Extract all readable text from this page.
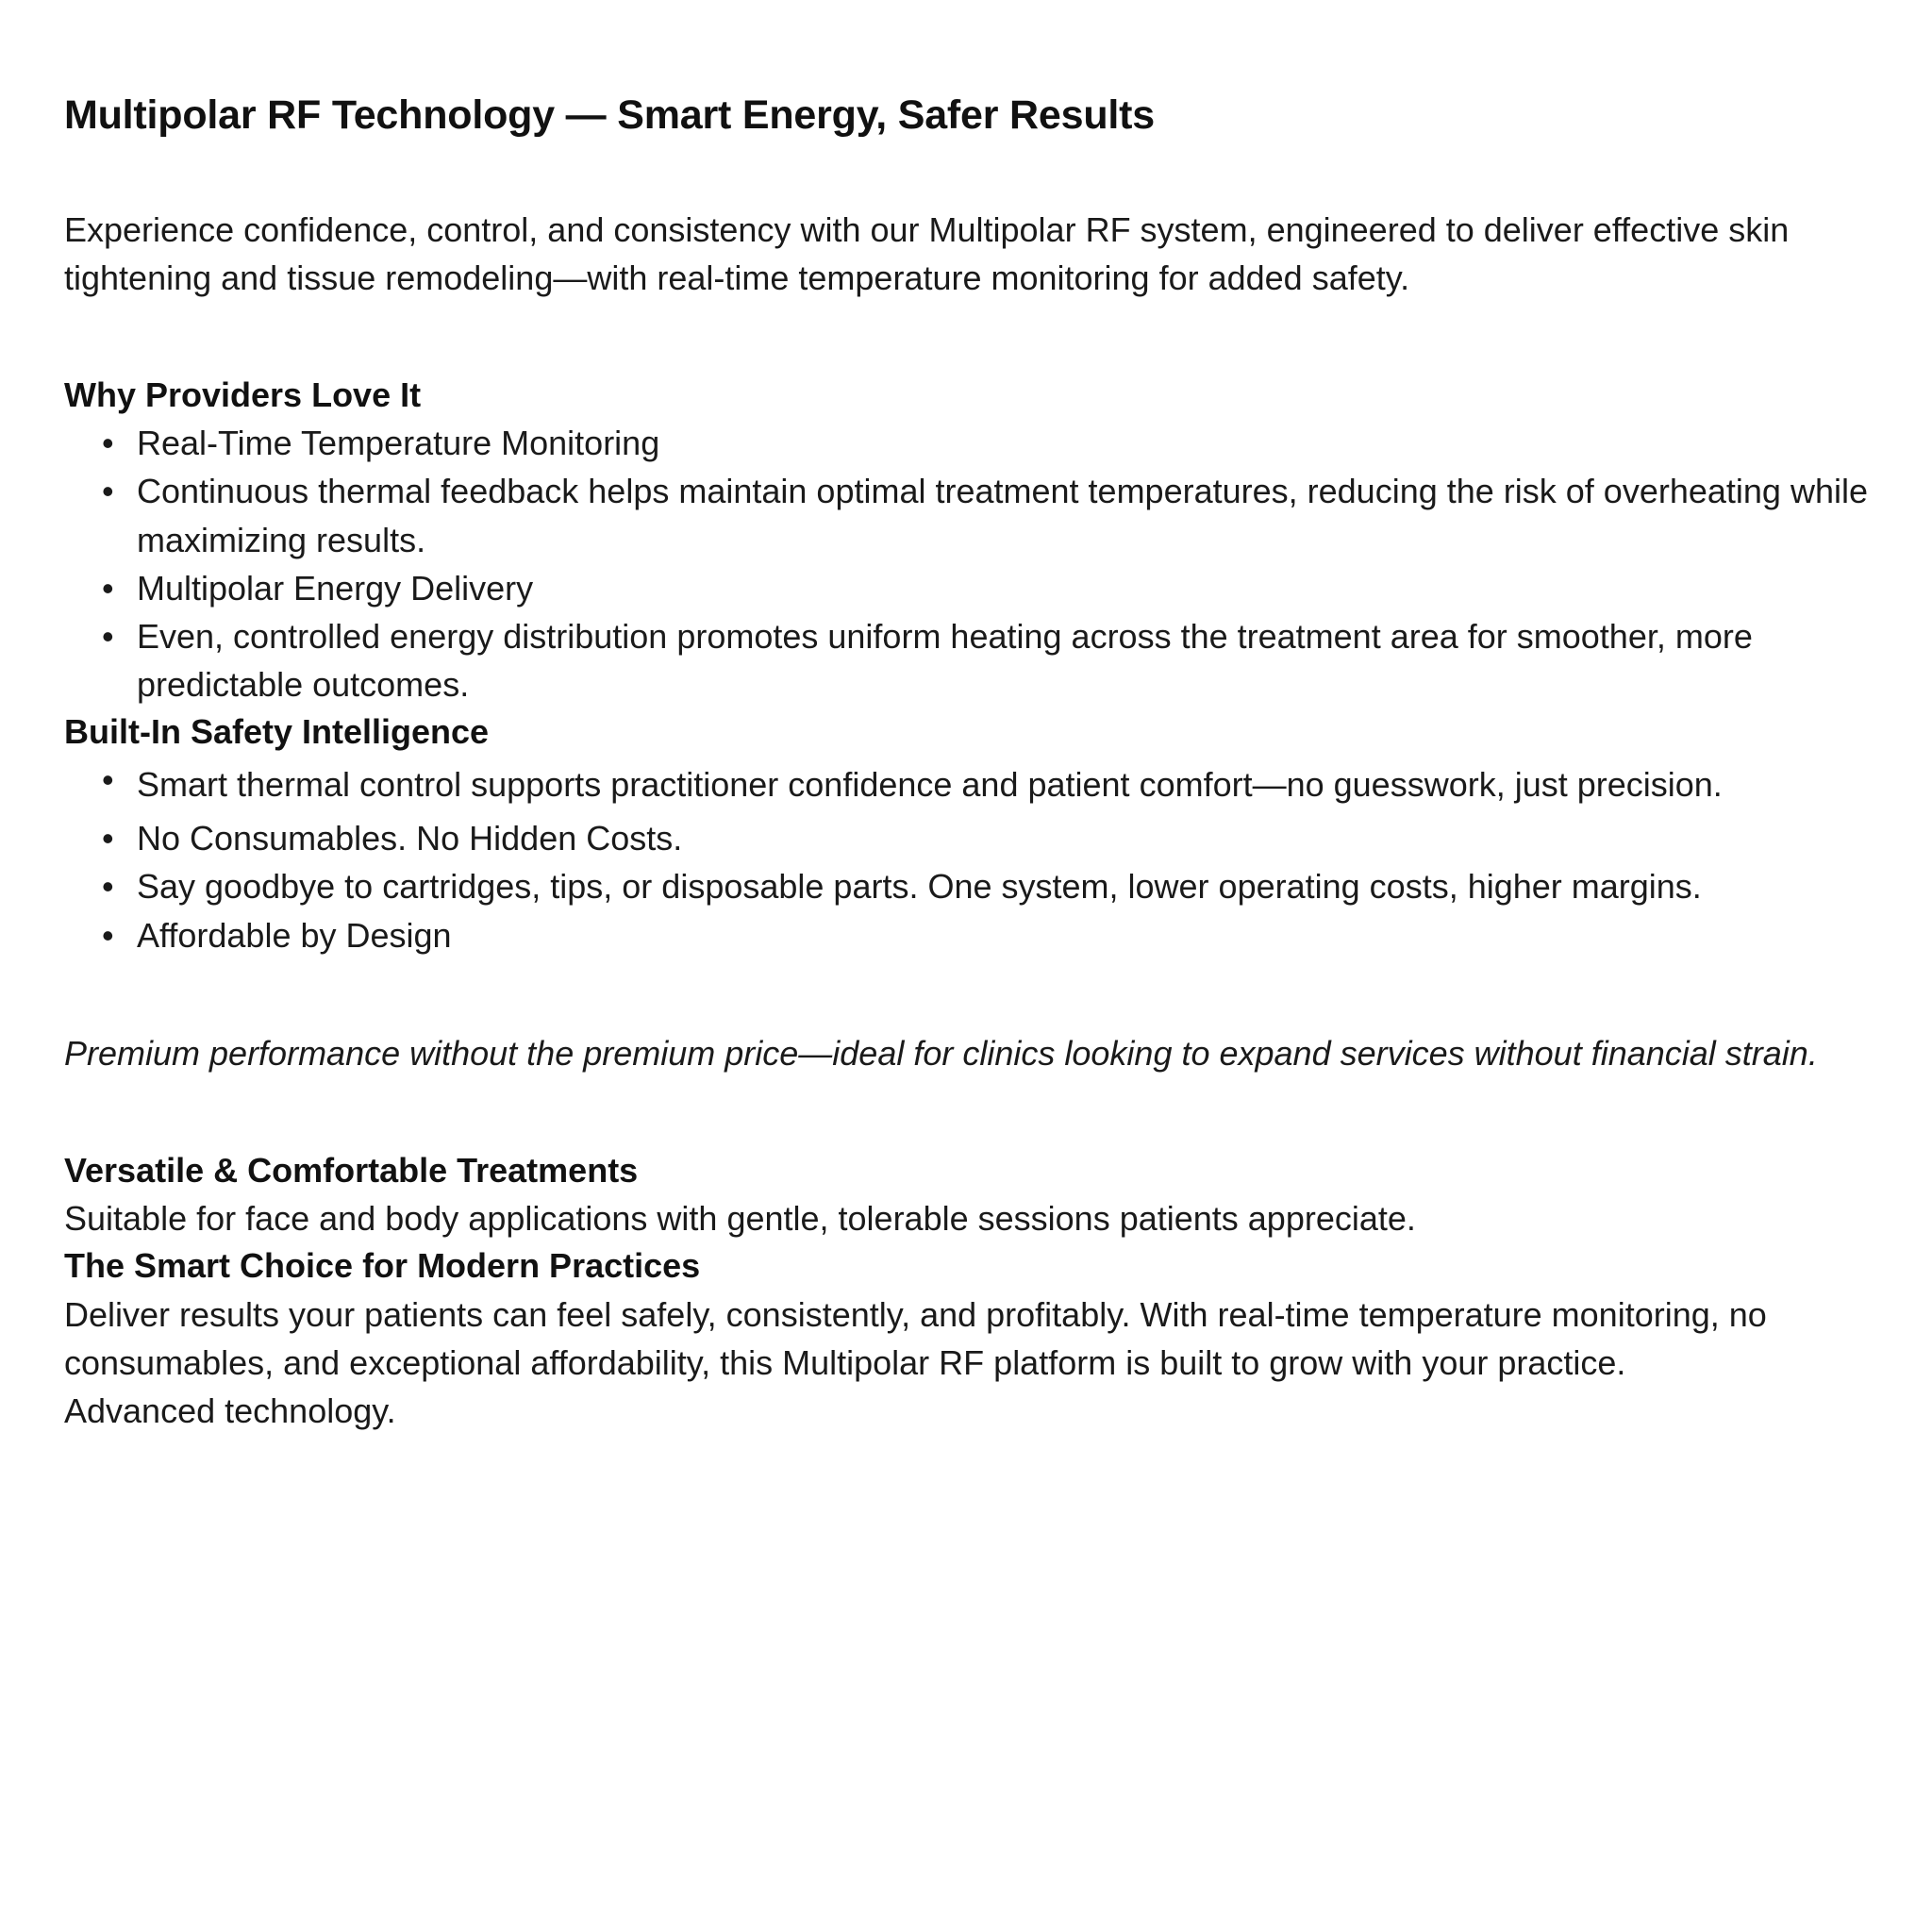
Multipolar RF Technology — Smart Energy, Safer Results

Experience confidence, control, and consistency with our Multipolar RF system, engineered to deliver effective skin tightening and tissue remodeling—with real-time temperature monitoring for added safety.

Why Providers Love It
• Real-Time Temperature Monitoring
• Continuous thermal feedback helps maintain optimal treatment temperatures, reducing the risk of overheating while maximizing results.
• Multipolar Energy Delivery
• Even, controlled energy distribution promotes uniform heating across the treatment area for smoother, more predictable outcomes.
Built-In Safety Intelligence
• Smart thermal control supports practitioner confidence and patient comfort—no guesswork, just precision.
• No Consumables. No Hidden Costs.
• Say goodbye to cartridges, tips, or disposable parts. One system, lower operating costs, higher margins.
• Affordable by Design

Premium performance without the premium price—ideal for clinics looking to expand services without financial strain.

Versatile & Comfortable Treatments

Suitable for face and body applications with gentle, tolerable sessions patients appreciate.

The Smart Choice for Modern Practices

Deliver results your patients can feel safely, consistently, and profitably. With real-time temperature monitoring, no consumables, and exceptional affordability, this Multipolar RF platform is built to grow with your practice.

Advanced technology.
